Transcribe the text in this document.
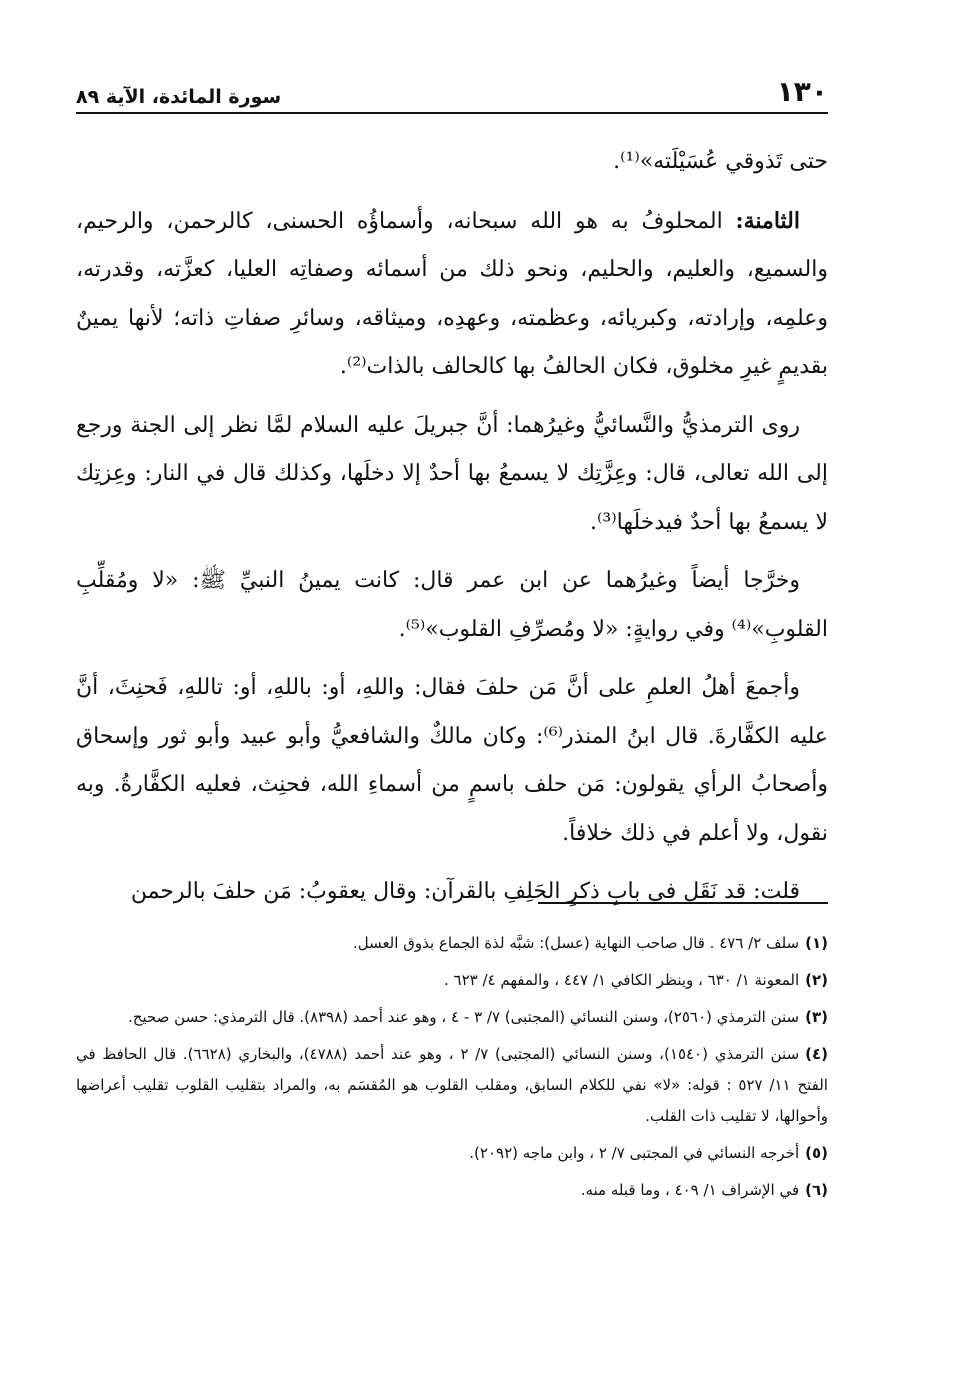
١٣٠
سورة المائدة، الآية ٨٩

حتى تَذوقي عُسَيْلَته»⁽¹⁾.

الثامنة: المحلوفُ به هو الله سبحانه، وأسماؤُه الحسنى، كالرحمن، والرحيم، والسميع، والعليم، والحليم، ونحو ذلك من أسمائه وصفاتِه العليا، كعزَّته، وقدرته، وعلمِه، وإرادته، وكبريائه، وعظمته، وعهدِه، وميثاقه، وسائرِ صفاتِ ذاته؛ لأنها يمينٌ بقديمٍ غيرِ مخلوق، فكان الحالفُ بها كالحالف بالذات⁽²⁾.

روى الترمذيُّ والنَّسائيُّ وغيرُهما: أنَّ جبريلَ عليه السلام لمَّا نظر إلى الجنة ورجع إلى الله تعالى، قال: وعِزَّتِك لا يسمعُ بها أحدٌ إلا دخلَها، وكذلك قال في النار: وعِزتِك لا يسمعُ بها أحدٌ فيدخلَها⁽³⁾.

وخرَّجا أيضاً وغيرُهما عن ابن عمر قال: كانت يمينُ النبيِّ ﷺ: «لا ومُقلِّبِ القلوبِ»⁽⁴⁾ وفي روايةٍ: «لا ومُصرِّفِ القلوب»⁽⁵⁾.

وأجمعَ أهلُ العلمِ على أنَّ مَن حلفَ فقال: واللهِ، أو: باللهِ، أو: تاللهِ، فَحنِثَ، أنَّ عليه الكفَّارةَ. قال ابنُ المنذر⁽⁶⁾: وكان مالكٌ والشافعيُّ وأبو عبيد وأبو ثور وإسحاق وأصحابُ الرأي يقولون: مَن حلف باسمٍ من أسماءِ الله، فحنِث، فعليه الكفَّارةُ. وبه نقول، ولا أعلم في ذلك خلافاً.

قلت: قد نَقَل في بابِ ذكرِ الحَلِفِ بالقرآن: وقال يعقوبُ: مَن حلفَ بالرحمن

(١)سلف ٢/ ٤٧٦ . قال صاحب النهاية (عسل): شبَّه لذة الجماع بذوق العسل.
(٢)المعونة ١/ ٦٣٠ ، وينظر الكافي ١/ ٤٤٧ ، والمفهم ٤/ ٦٢٣ .
(٣)سنن الترمذي (٢٥٦٠)، وسنن النسائي (المجتبى) ٧/ ٣ - ٤ ، وهو عند أحمد (٨٣٩٨). قال الترمذي: حسن صحيح.
(٤)سنن الترمذي (١٥٤٠)، وسنن النسائي (المجتبى) ٧/ ٢ ، وهو عند أحمد (٤٧٨٨)، والبخاري (٦٦٢٨). قال الحافظ في الفتح ١١/ ٥٢٧ : قوله: «لا» نفي للكلام السابق، ومقلب القلوب هو المُقسَم به، والمراد بتقليب القلوب تقليب أعراضها وأحوالها، لا تقليب ذات القلب.
(٥)أخرجه النسائي في المجتبى ٧/ ٢ ، وابن ماجه (٢٠٩٢).
(٦)في الإشراف ١/ ٤٠٩ ، وما قبله منه.
